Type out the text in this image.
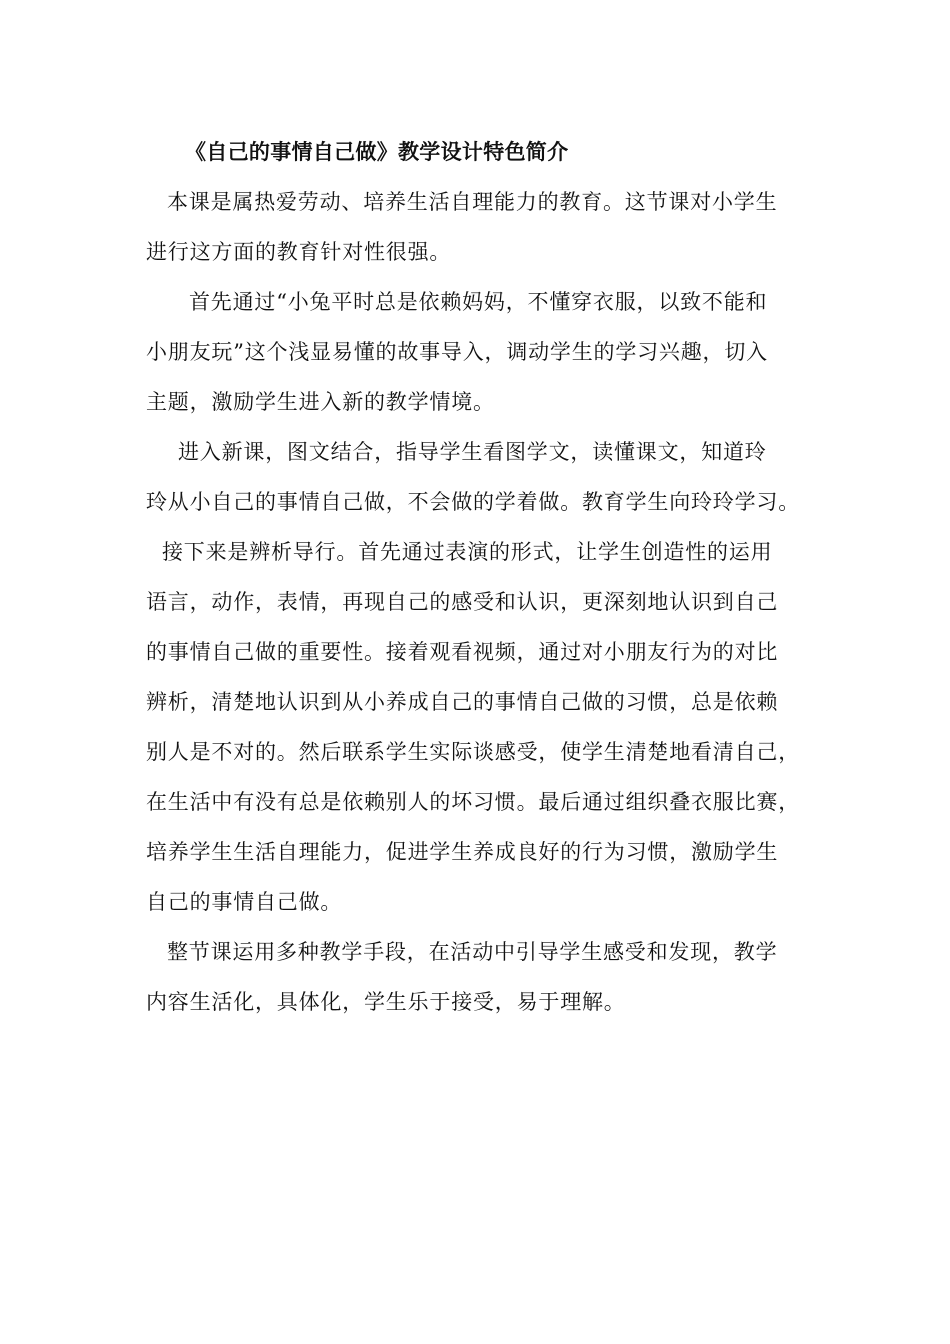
《自己的事情自己做》教学设计特色简介
本课是属热爱劳动、培养生活自理能力的教育。这节课对小学生
进行这方面的教育针对性很强。
首先通过“小兔平时总是依赖妈妈，不懂穿衣服，以致不能和
小朋友玩”这个浅显易懂的故事导入，调动学生的学习兴趣，切入
主题，激励学生进入新的教学情境。
进入新课，图文结合，指导学生看图学文，读懂课文，知道玲
玲从小自己的事情自己做，不会做的学着做。教育学生向玲玲学习。
接下来是辨析导行。首先通过表演的形式，让学生创造性的运用
语言，动作，表情，再现自己的感受和认识，更深刻地认识到自己
的事情自己做的重要性。接着观看视频，通过对小朋友行为的对比
辨析，清楚地认识到从小养成自己的事情自己做的习惯，总是依赖
别人是不对的。然后联系学生实际谈感受，使学生清楚地看清自己，
在生活中有没有总是依赖别人的坏习惯。最后通过组织叠衣服比赛，
培养学生生活自理能力，促进学生养成良好的行为习惯，激励学生
自己的事情自己做。
整节课运用多种教学手段，在活动中引导学生感受和发现，教学
内容生活化，具体化，学生乐于接受，易于理解。
